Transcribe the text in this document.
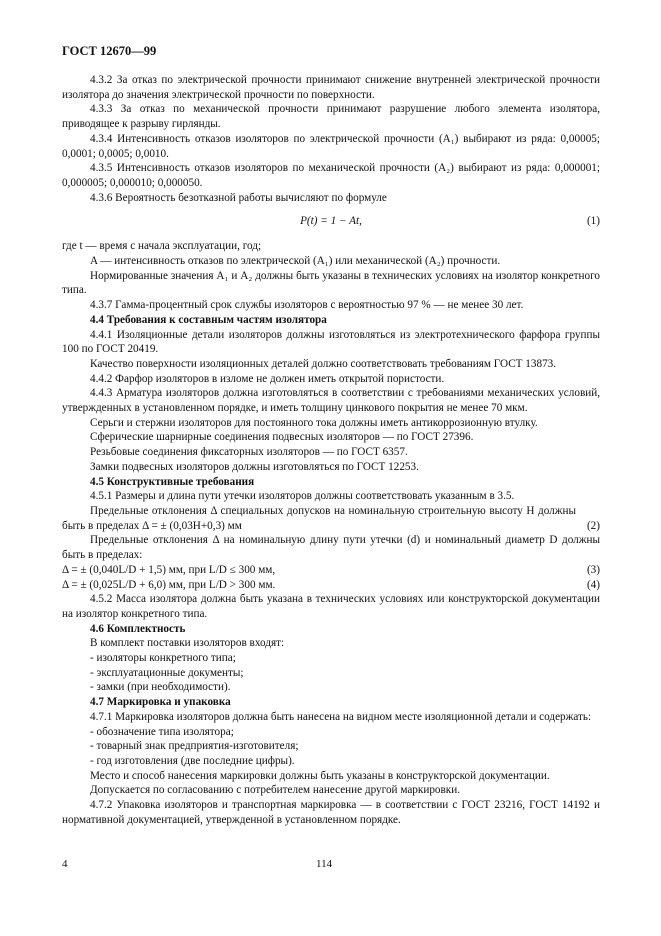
ГОСТ 12670—99

4.3.2 За отказ по электрической прочности принимают снижение внутренней электрической прочности изолятора до значения электрической прочности по поверхности.

4.3.3 За отказ по механической прочности принимают разрушение любого элемента изолятора, приводящее к разрыву гирлянды.

4.3.4 Интенсивность отказов изоляторов по электрической прочности (A₁) выбирают из ряда: 0,00005; 0,0001; 0,0005; 0,0010.

4.3.5 Интенсивность отказов изоляторов по механической прочности (A₂) выбирают из ряда: 0,000001; 0,000005; 0,000010; 0,000050.

4.3.6 Вероятность безотказной работы вычисляют по формуле

P(t) = 1 − At,	(1)

где t — время с начала эксплуатации, год;

A — интенсивность отказов по электрической (A₁) или механической (A₂) прочности.

Нормированные значения A₁ и A₂ должны быть указаны в технических условиях на изолятор конкретного типа.

4.3.7 Гамма-процентный срок службы изоляторов с вероятностью 97 % — не менее 30 лет.

4.4 Требования к составным частям изолятора

4.4.1 Изоляционные детали изоляторов должны изготовляться из электротехнического фарфора группы 100 по ГОСТ 20419.

Качество поверхности изоляционных деталей должно соответствовать требованиям ГОСТ 13873.

4.4.2 Фарфор изоляторов в изломе не должен иметь открытой пористости.

4.4.3 Арматура изоляторов должна изготовляться в соответствии с требованиями механических условий, утвержденных в установленном порядке, и иметь толщину цинкового покрытия не менее 70 мкм.

Серьги и стержни изоляторов для постоянного тока должны иметь антикоррозионную втулку.

Сферические шарнирные соединения подвесных изоляторов — по ГОСТ 27396.

Резьбовые соединения фиксаторных изоляторов — по ГОСТ 6357.

Замки подвесных изоляторов должны изготовляться по ГОСТ 12253.

4.5 Конструктивные требования

4.5.1 Размеры и длина пути утечки изоляторов должны соответствовать указанным в 3.5.

Предельные отклонения Δ специальных допусков на номинальную строительную высоту H должны быть в пределах Δ = ± (0,03H+0,3) мм	(2)

Предельные отклонения Δ на номинальную длину пути утечки (d) и номинальный диаметр D должны быть в пределах:

Δ = ± (0,040L/D + 1,5) мм, при L/D ≤ 300 мм,	(3)
Δ = ± (0,025L/D + 6,0) мм, при L/D > 300 мм.	(4)

4.5.2 Масса изолятора должна быть указана в технических условиях или конструкторской документации на изолятор конкретного типа.

4.6 Комплектность

В комплект поставки изоляторов входят:

- изоляторы конкретного типа;

- эксплуатационные документы;

- замки (при необходимости).

4.7 Маркировка и упаковка

4.7.1 Маркировка изоляторов должна быть нанесена на видном месте изоляционной детали и содержать:

- обозначение типа изолятора;

- товарный знак предприятия-изготовителя;

- год изготовления (две последние цифры).

Место и способ нанесения маркировки должны быть указаны в конструкторской документации.

Допускается по согласованию с потребителем нанесение другой маркировки.

4.7.2 Упаковка изоляторов и транспортная маркировка — в соответствии с ГОСТ 23216, ГОСТ 14192 и нормативной документацией, утвержденной в установленном порядке.

4	114
